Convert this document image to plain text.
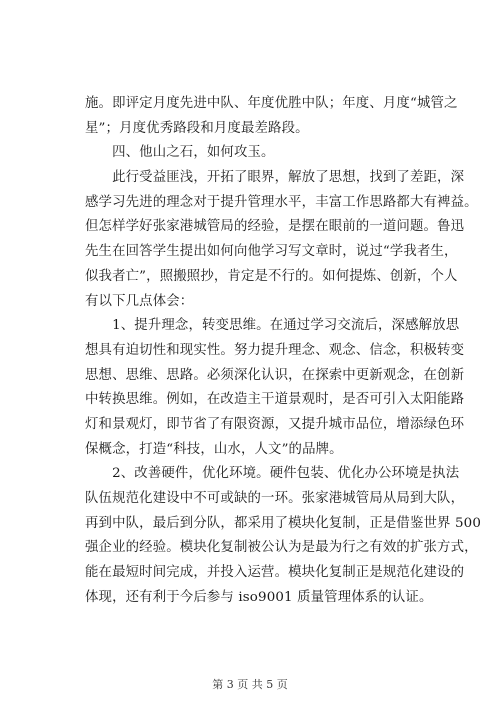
施。即评定月度先进中队、年度优胜中队；年度、月度“城管之
星”；月度优秀路段和月度最差路段。
　　四、他山之石，如何攻玉。
　　此行受益匪浅，开拓了眼界，解放了思想，找到了差距，深
感学习先进的理念对于提升管理水平，丰富工作思路都大有裨益。
但怎样学好张家港城管局的经验，是摆在眼前的一道问题。鲁迅
先生在回答学生提出如何向他学习写文章时，说过“学我者生，
似我者亡”，照搬照抄，肯定是不行的。如何提炼、创新，个人
有以下几点体会：
　　1、提升理念，转变思维。在通过学习交流后，深感解放思
想具有迫切性和现实性。努力提升理念、观念、信念，积极转变
思想、思维、思路。必须深化认识，在探索中更新观念，在创新
中转换思维。例如，在改造主干道景观时，是否可引入太阳能路
灯和景观灯，即节省了有限资源，又提升城市品位，增添绿色环
保概念，打造“科技，山水，人文”的品牌。
　　2、改善硬件，优化环境。硬件包装、优化办公环境是执法
队伍规范化建设中不可或缺的一环。张家港城管局从局到大队，
再到中队，最后到分队，都采用了模块化复制，正是借鉴世界 500
强企业的经验。模块化复制被公认为是最为行之有效的扩张方式，
能在最短时间完成，并投入运营。模块化复制正是规范化建设的
体现，还有利于今后参与 iso9001 质量管理体系的认证。
第 3 页 共 5 页
